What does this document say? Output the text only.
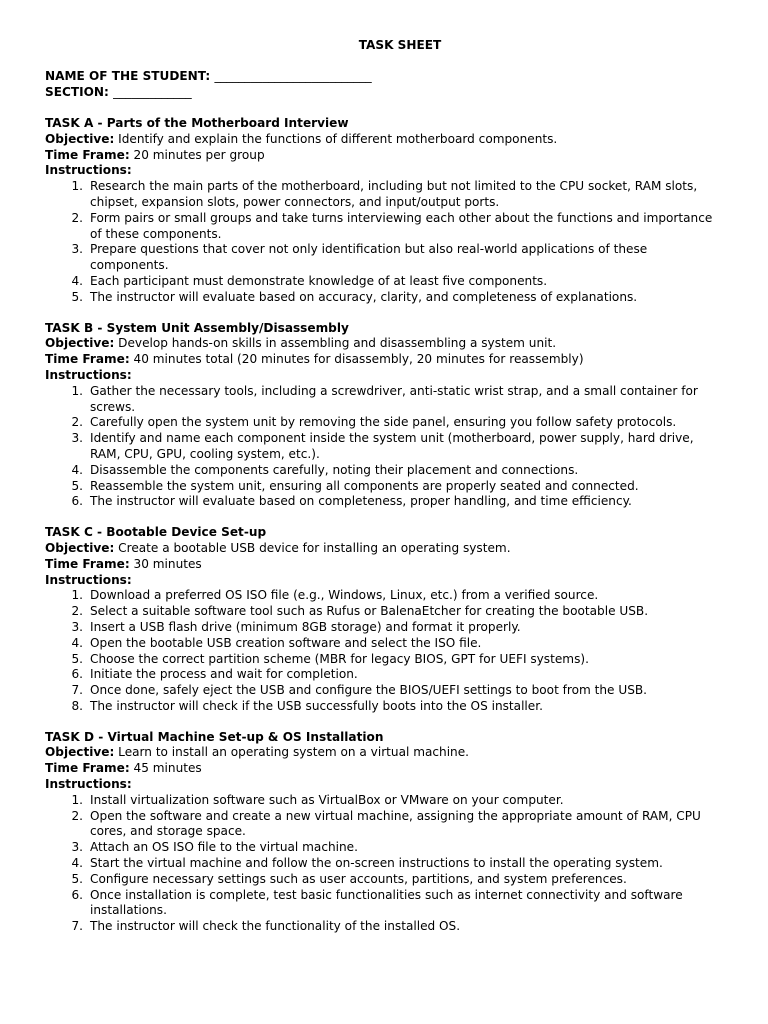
TASK SHEET
NAME OF THE STUDENT: __________________________
SECTION: _____________
TASK A - Parts of the Motherboard Interview
Objective: Identify and explain the functions of different motherboard components.
Time Frame: 20 minutes per group
Instructions:
1. Research the main parts of the motherboard, including but not limited to the CPU socket, RAM slots, chipset, expansion slots, power connectors, and input/output ports.
2. Form pairs or small groups and take turns interviewing each other about the functions and importance of these components.
3. Prepare questions that cover not only identification but also real-world applications of these components.
4. Each participant must demonstrate knowledge of at least five components.
5. The instructor will evaluate based on accuracy, clarity, and completeness of explanations.
TASK B - System Unit Assembly/Disassembly
Objective: Develop hands-on skills in assembling and disassembling a system unit.
Time Frame: 40 minutes total (20 minutes for disassembly, 20 minutes for reassembly)
Instructions:
1. Gather the necessary tools, including a screwdriver, anti-static wrist strap, and a small container for screws.
2. Carefully open the system unit by removing the side panel, ensuring you follow safety protocols.
3. Identify and name each component inside the system unit (motherboard, power supply, hard drive, RAM, CPU, GPU, cooling system, etc.).
4. Disassemble the components carefully, noting their placement and connections.
5. Reassemble the system unit, ensuring all components are properly seated and connected.
6. The instructor will evaluate based on completeness, proper handling, and time efficiency.
TASK C - Bootable Device Set-up
Objective: Create a bootable USB device for installing an operating system.
Time Frame: 30 minutes
Instructions:
1. Download a preferred OS ISO file (e.g., Windows, Linux, etc.) from a verified source.
2. Select a suitable software tool such as Rufus or BalenaEtcher for creating the bootable USB.
3. Insert a USB flash drive (minimum 8GB storage) and format it properly.
4. Open the bootable USB creation software and select the ISO file.
5. Choose the correct partition scheme (MBR for legacy BIOS, GPT for UEFI systems).
6. Initiate the process and wait for completion.
7. Once done, safely eject the USB and configure the BIOS/UEFI settings to boot from the USB.
8. The instructor will check if the USB successfully boots into the OS installer.
TASK D - Virtual Machine Set-up & OS Installation
Objective: Learn to install an operating system on a virtual machine.
Time Frame: 45 minutes
Instructions:
1. Install virtualization software such as VirtualBox or VMware on your computer.
2. Open the software and create a new virtual machine, assigning the appropriate amount of RAM, CPU cores, and storage space.
3. Attach an OS ISO file to the virtual machine.
4. Start the virtual machine and follow the on-screen instructions to install the operating system.
5. Configure necessary settings such as user accounts, partitions, and system preferences.
6. Once installation is complete, test basic functionalities such as internet connectivity and software installations.
7. The instructor will check the functionality of the installed OS.
